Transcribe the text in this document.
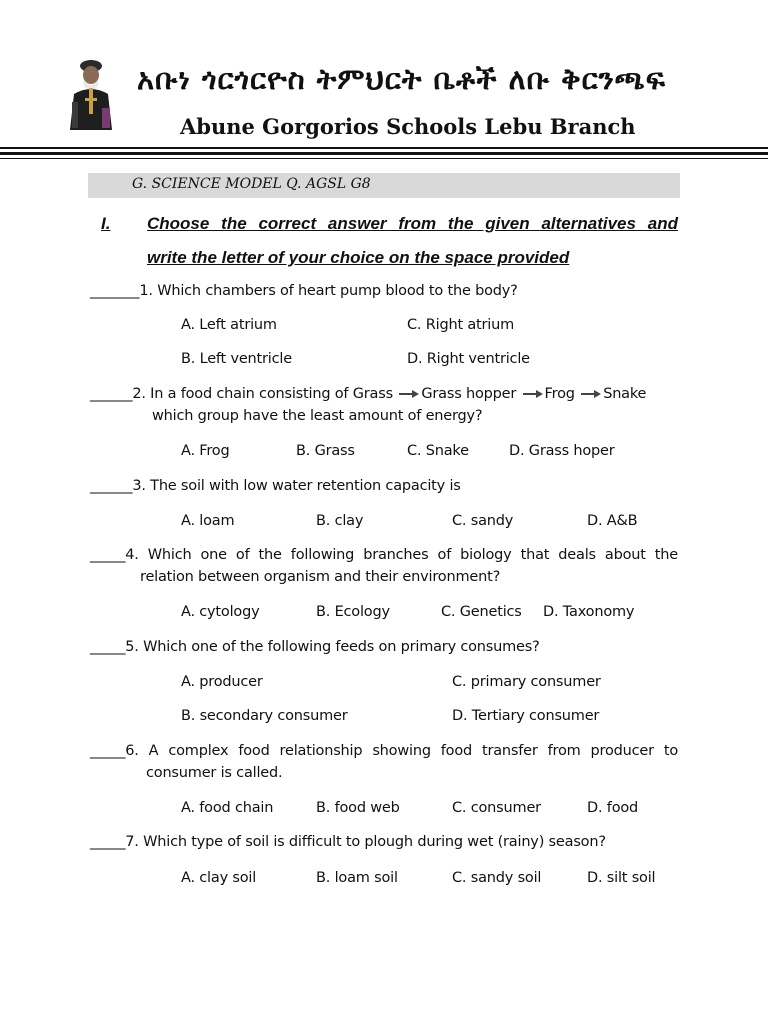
አቡነ ጎርጎርዮስ ትምህርት ቤቶች ለቡ ቅርንጫፍ
Abune Gorgorios Schools Lebu Branch
G. SCIENCE MODEL Q. AGSL G8
I. Choose the correct answer from the given alternatives and
write the letter of your choice on the space provided
_______1. Which chambers of heart pump blood to the body?
A. Left atrium	C. Right atrium
B. Left ventricle	D. Right ventricle
______2. In a food chain consisting of Grass Grass hopper Frog Snake
which group have the least amount of energy?
A. Frog	B. Grass	C. Snake	D. Grass hoper
______3. The soil with low water retention capacity is
A. loam	B. clay	C. sandy	D. A&B
_____4. Which one of the following branches of biology that deals about the
relation between organism and their environment?
A. cytology	B. Ecology	C. Genetics D. Taxonomy
_____5. Which one of the following feeds on primary consumes?
A. producer	C. primary consumer
B. secondary consumer	D. Tertiary consumer
_____6. A complex food relationship showing food transfer from producer to
consumer is called.
A. food chain	B. food web	C. consumer	D. food
_____7. Which type of soil is difficult to plough during wet (rainy) season?
A. clay soil	B. loam soil	C. sandy soil	D. silt soil
